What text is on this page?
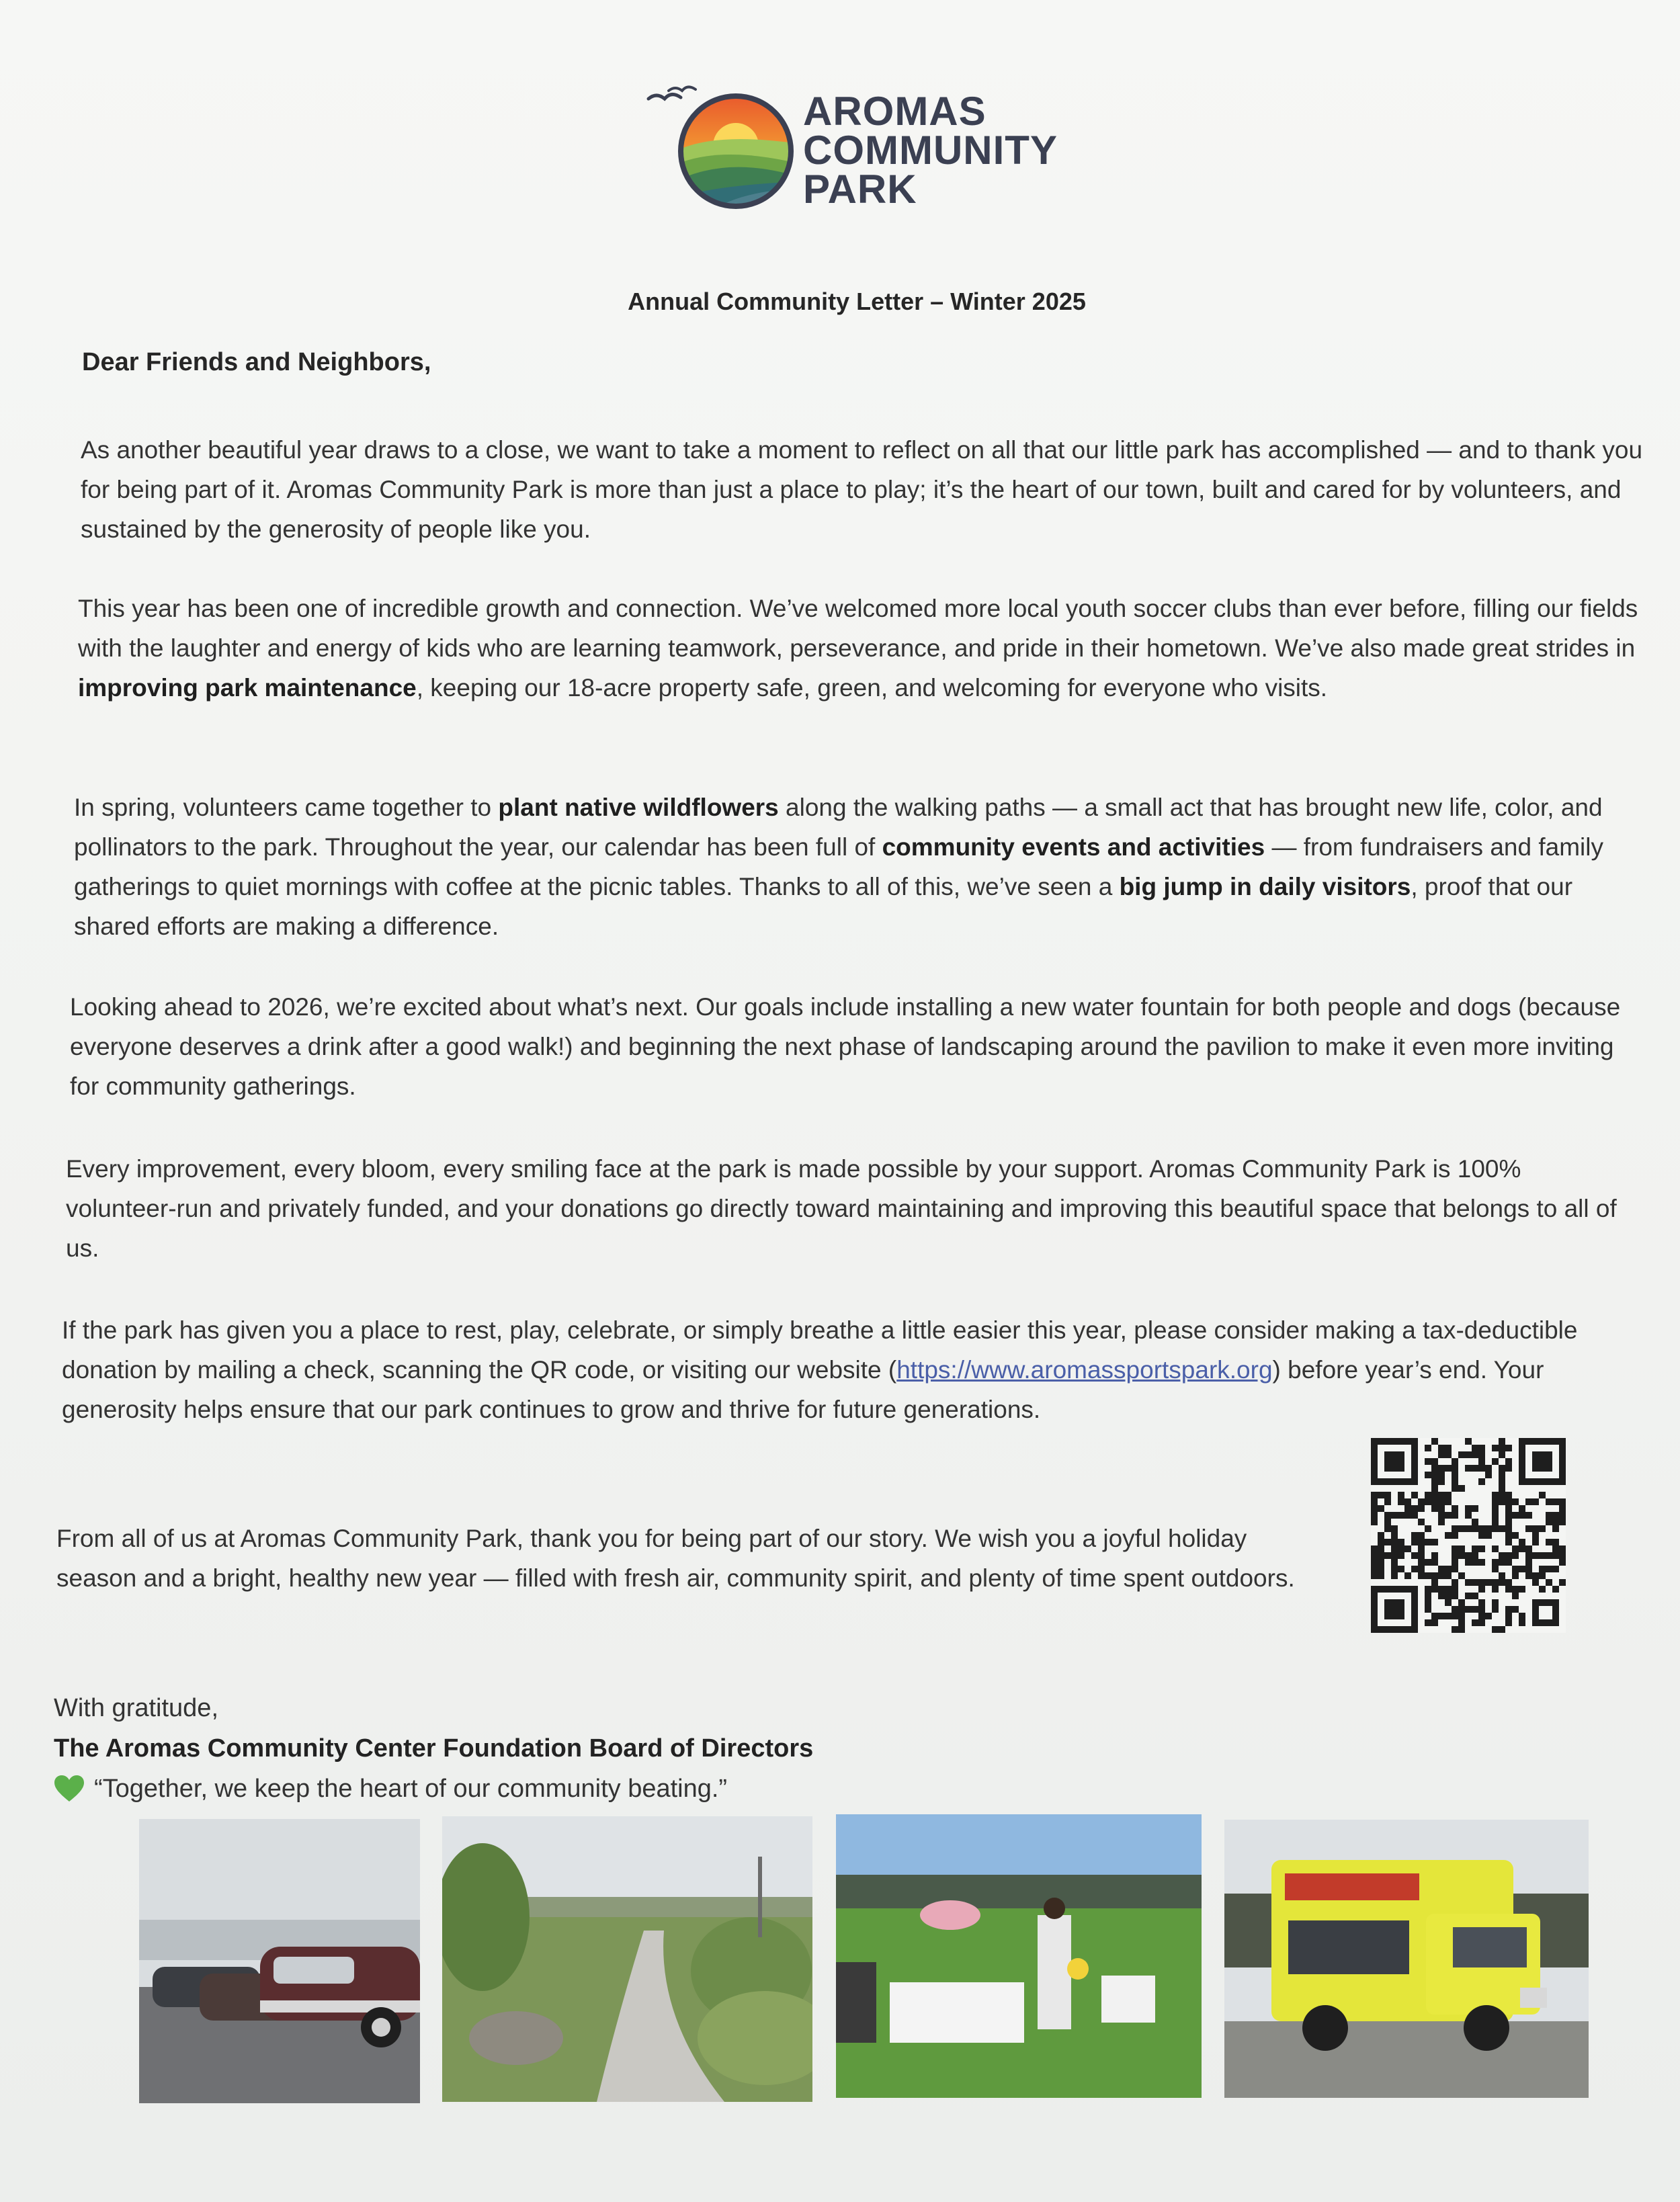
AROMAS
COMMUNITY
PARK
Annual Community Letter – Winter 2025
Dear Friends and Neighbors,
As another beautiful year draws to a close, we want to take a moment to reflect on all that our little park has accomplished — and to thank you for being part of it. Aromas Community Park is more than just a place to play; it’s the heart of our town, built and cared for by volunteers, and sustained by the generosity of people like you.
This year has been one of incredible growth and connection. We’ve welcomed more local youth soccer clubs than ever before, filling our fields with the laughter and energy of kids who are learning teamwork, perseverance, and pride in their hometown. We’ve also made great strides in improving park maintenance, keeping our 18-acre property safe, green, and welcoming for everyone who visits.
In spring, volunteers came together to plant native wildflowers along the walking paths — a small act that has brought new life, color, and pollinators to the park. Throughout the year, our calendar has been full of community events and activities — from fundraisers and family gatherings to quiet mornings with coffee at the picnic tables. Thanks to all of this, we’ve seen a big jump in daily visitors, proof that our shared efforts are making a difference.
Looking ahead to 2026, we’re excited about what’s next. Our goals include installing a new water fountain for both people and dogs (because everyone deserves a drink after a good walk!) and beginning the next phase of landscaping around the pavilion to make it even more inviting for community gatherings.
Every improvement, every bloom, every smiling face at the park is made possible by your support. Aromas Community Park is 100% volunteer-run and privately funded, and your donations go directly toward maintaining and improving this beautiful space that belongs to all of us.
If the park has given you a place to rest, play, celebrate, or simply breathe a little easier this year, please consider making a tax-deductible donation by mailing a check, scanning the QR code, or visiting our website (https://www.aromassportspark.org) before year’s end. Your generosity helps ensure that our park continues to grow and thrive for future generations.
From all of us at Aromas Community Park, thank you for being part of our story. We wish you a joyful holiday season and a bright, healthy new year — filled with fresh air, community spirit, and plenty of time spent outdoors.
With gratitude,
The Aromas Community Center Foundation Board of Directors
“Together, we keep the heart of our community beating.”
